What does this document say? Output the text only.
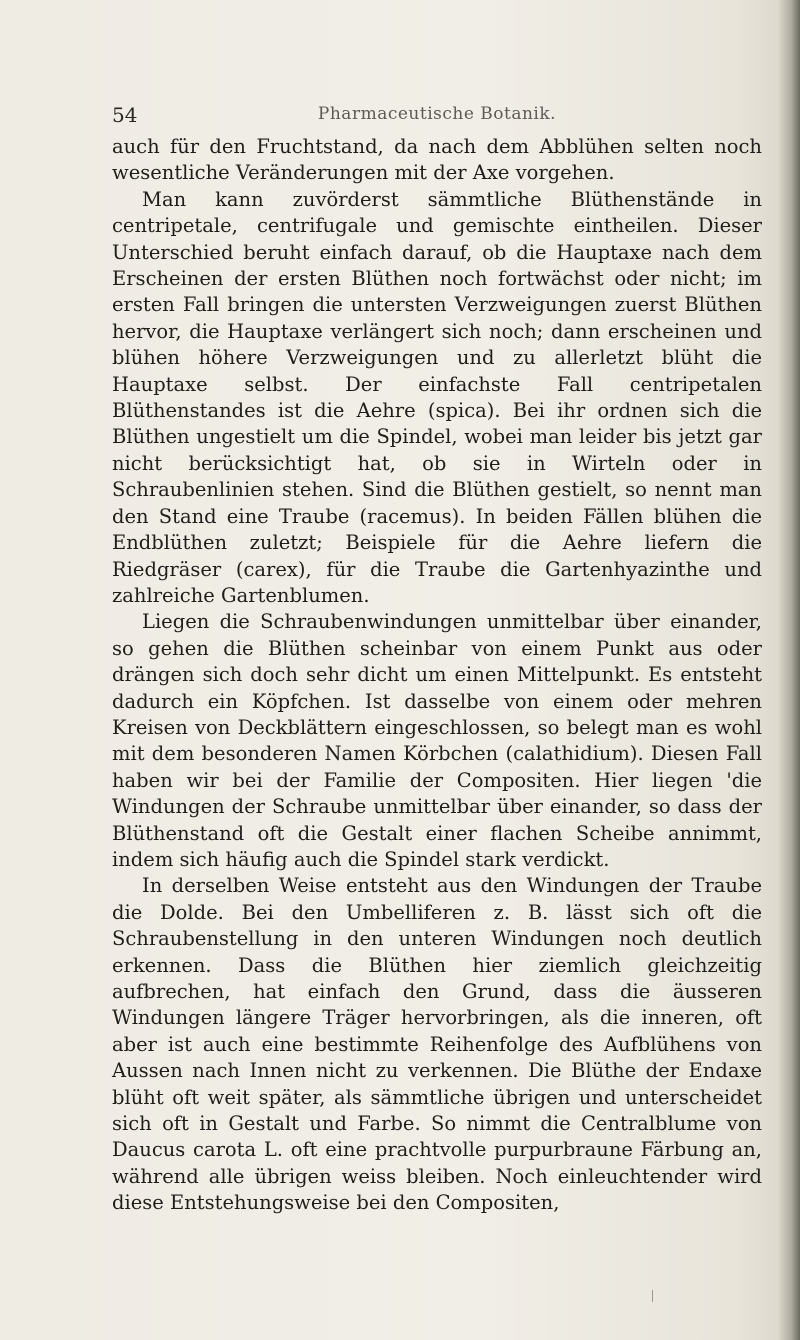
54	Pharmaceutische Botanik.

auch für den Fruchtstand, da nach dem Abblühen selten noch wesentliche Veränderungen mit der Axe vorgehen.

Man kann zuvörderst sämmtliche Blüthenstände in centripetale, centrifugale und gemischte eintheilen. Dieser Unterschied beruht einfach darauf, ob die Hauptaxe nach dem Erscheinen der ersten Blüthen noch fortwächst oder nicht; im ersten Fall bringen die untersten Verzweigungen zuerst Blüthen hervor, die Hauptaxe verlängert sich noch; dann erscheinen und blühen höhere Verzweigungen und zu allerletzt blüht die Hauptaxe selbst. Der einfachste Fall centripetalen Blüthenstandes ist die Aehre (spica). Bei ihr ordnen sich die Blüthen ungestielt um die Spindel, wobei man leider bis jetzt gar nicht berücksichtigt hat, ob sie in Wirteln oder in Schraubenlinien stehen. Sind die Blüthen gestielt, so nennt man den Stand eine Traube (racemus). In beiden Fällen blühen die Endblüthen zuletzt; Beispiele für die Aehre liefern die Riedgräser (carex), für die Traube die Gartenhyazinthe und zahlreiche Gartenblumen.

Liegen die Schraubenwindungen unmittelbar über einander, so gehen die Blüthen scheinbar von einem Punkt aus oder drängen sich doch sehr dicht um einen Mittelpunkt. Es entsteht dadurch ein Köpfchen. Ist dasselbe von einem oder mehren Kreisen von Deckblättern eingeschlossen, so belegt man es wohl mit dem besonderen Namen Körbchen (calathidium). Diesen Fall haben wir bei der Familie der Compositen. Hier liegen 'die Windungen der Schraube unmittelbar über einander, so dass der Blüthenstand oft die Gestalt einer flachen Scheibe annimmt, indem sich häufig auch die Spindel stark verdickt.

In derselben Weise entsteht aus den Windungen der Traube die Dolde. Bei den Umbelliferen z. B. lässt sich oft die Schraubenstellung in den unteren Windungen noch deutlich erkennen. Dass die Blüthen hier ziemlich gleichzeitig aufbrechen, hat einfach den Grund, dass die äusseren Windungen längere Träger hervorbringen, als die inneren, oft aber ist auch eine bestimmte Reihenfolge des Aufblühens von Aussen nach Innen nicht zu verkennen. Die Blüthe der Endaxe blüht oft weit später, als sämmtliche übrigen und unterscheidet sich oft in Gestalt und Farbe. So nimmt die Centralblume von Daucus carota L. oft eine prachtvolle purpurbraune Färbung an, während alle übrigen weiss bleiben. Noch einleuchtender wird diese Entstehungsweise bei den Compositen,
